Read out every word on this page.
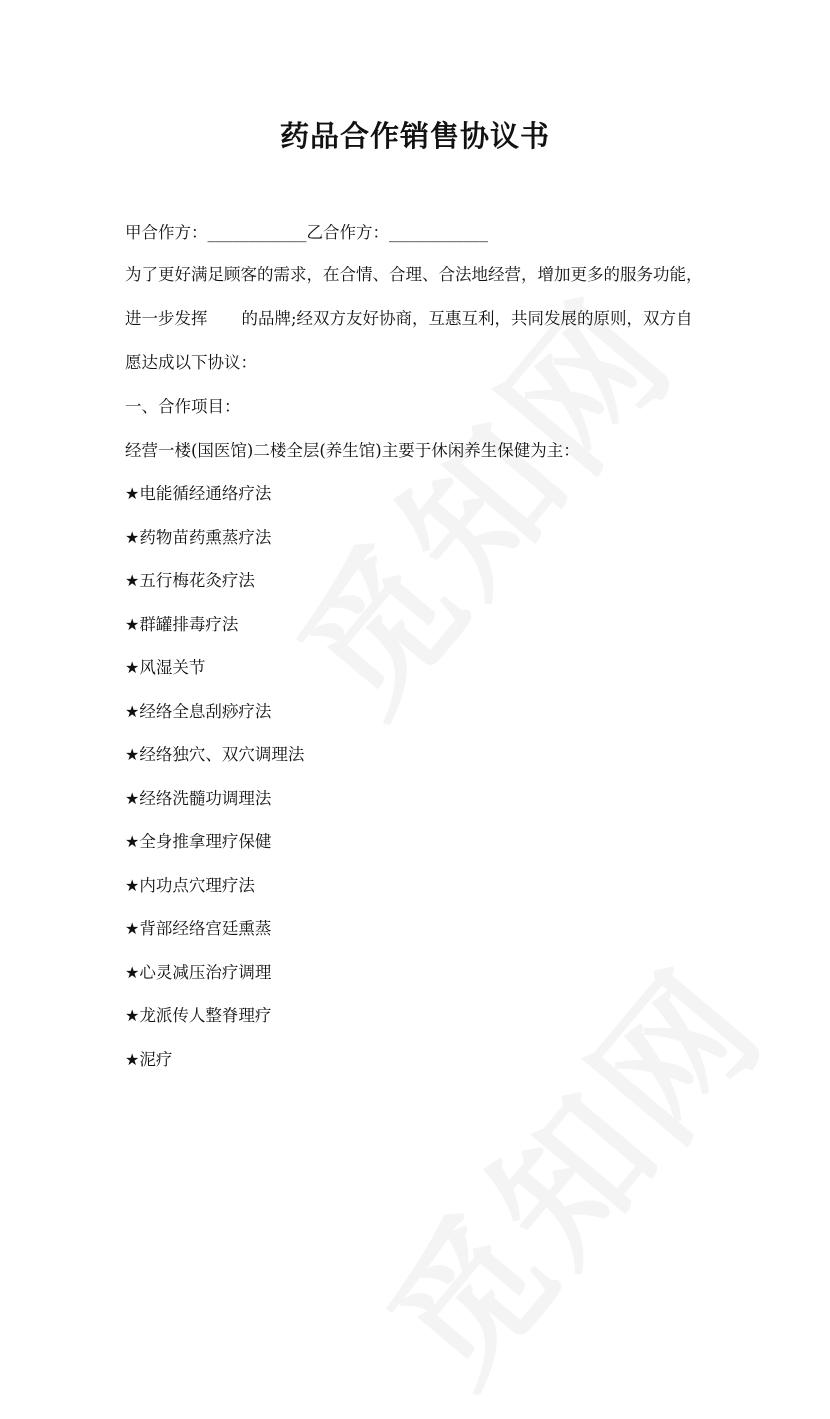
药品合作销售协议书

甲合作方：____________乙合作方：____________

为了更好满足顾客的需求，在合情、合理、合法地经营，增加更多的服务功能，

进一步发挥 的品牌;经双方友好协商，互惠互利，共同发展的原则，双方自

愿达成以下协议：

一、合作项目：

经营一楼(国医馆)二楼全层(养生馆)主要于休闲养生保健为主：

★电能循经通络疗法

★药物苗药熏蒸疗法

★五行梅花灸疗法

★群罐排毒疗法

★风湿关节

★经络全息刮痧疗法

★经络独穴、双穴调理法

★经络洗髓功调理法

★全身推拿理疗保健

★内功点穴理疗法

★背部经络宫廷熏蒸

★心灵减压治疗调理

★龙派传人整脊理疗

★泥疗
